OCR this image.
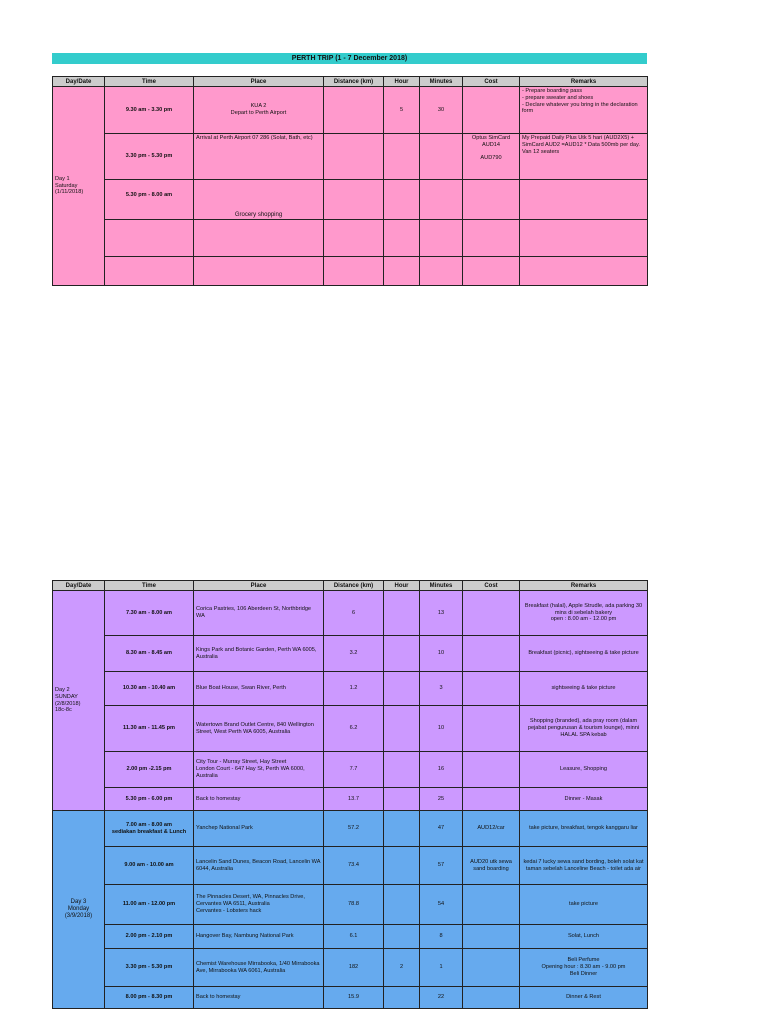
PERTH TRIP (1 - 7 December 2018)
Day/Date	Time	Place	Distance (km)	Hour	Minutes	Cost	Remarks
Day 1
Saturday
(1/11/2018)	9.30 am - 3.30 pm	KUA 2
Depart to Perth Airport		5	30		- Prepare boarding pass
- prepare sweater and shoes
- Declare whatever you bring in the declaration form
	3.30 pm - 5.30 pm	Arrival at Perth Airport 07 286 (Solat, Bath, etc)				Optus SimCard
AUD14

AUD790	My Prepaid Daily Plus Utk 5 hari (AUD2X5) + SimCard AUD2 =AUD12 * Data 500mb per day.
Van 12 seaters
	5.30 pm - 8.00 am	Grocery shopping					

Day/Date	Time	Place	Distance (km)	Hour	Minutes	Cost	Remarks
Day 2
SUNDAY
(2/8/2018)
18c-8c	7.30 am - 8.00 am	Corica Pastries, 106 Aberdeen St, Northbridge WA	6		13		Breakfast (halal), Apple Strudle, ada parking 30 mins di sebelah bakery
open : 8.00 am - 12.00 pm
	8.30 am - 8.45 am	Kings Park and Botanic Garden, Perth WA 6005, Australia	3.2		10		Breakfast (picnic), sightseeing & take picture
	10.30 am - 10.40 am	Blue Boat House, Swan River, Perth	1.2		3		sightseeing & take picture
	11.30 am - 11.45 pm	Watertown Brand Outlet Centre, 840 Wellington Street, West Perth WA 6005, Australia	6.2		10		Shopping (branded), ada pray room (dalam pejabat pengurusan & tourism lounge), minni HALAL SPA kebab
	2.00 pm -2.15 pm	City Tour - Murray Street, Hay Street
London Court - 647 Hay St, Perth WA 6000, Australia	7.7		16		Leasure, Shopping
	5.30 pm - 6.00 pm	Back to homestay	13.7		25		Dinner - Masak
Day 3
Monday
(3/9/2018)	7.00 am - 8.00 am
sediakan breakfast & Lunch	Yanchep National Park	57.2		47	AUD12/car	take picture, breakfast, tengok kanggaru liar
	9.00 am - 10.00 am	Lancelin Sand Dunes, Beacon Road, Lancelin WA 6044, Australia	73.4		57	AUD20 utk sewa sand boarding	kedai 7 lucky sewa sand bording, boleh solat kat taman sebelah Lanceline Beach - toilet ada air
	11.00 am - 12.00 pm	The Pinnacles Desert, WA, Pinnacles Drive, Cervantes WA 6511, Australia
Cervantes - Lobsters hack	78.8		54		take picture
	2.00 pm - 2.10 pm	Hangover Bay, Nambung National Park	6.1		8		Solat, Lunch
	3.30 pm - 5.30 pm	Chemist Warehouse Mirrabooka, 1/40 Mirrabooka Ave, Mirrabooka WA 6061, Australia	182	2	1		Beli Perfume
Opening hour : 8.30 am - 9.00 pm
Beli Dinner
	8.00 pm - 8.30 pm	Back to homestay	15.9		22		Dinner & Rest
